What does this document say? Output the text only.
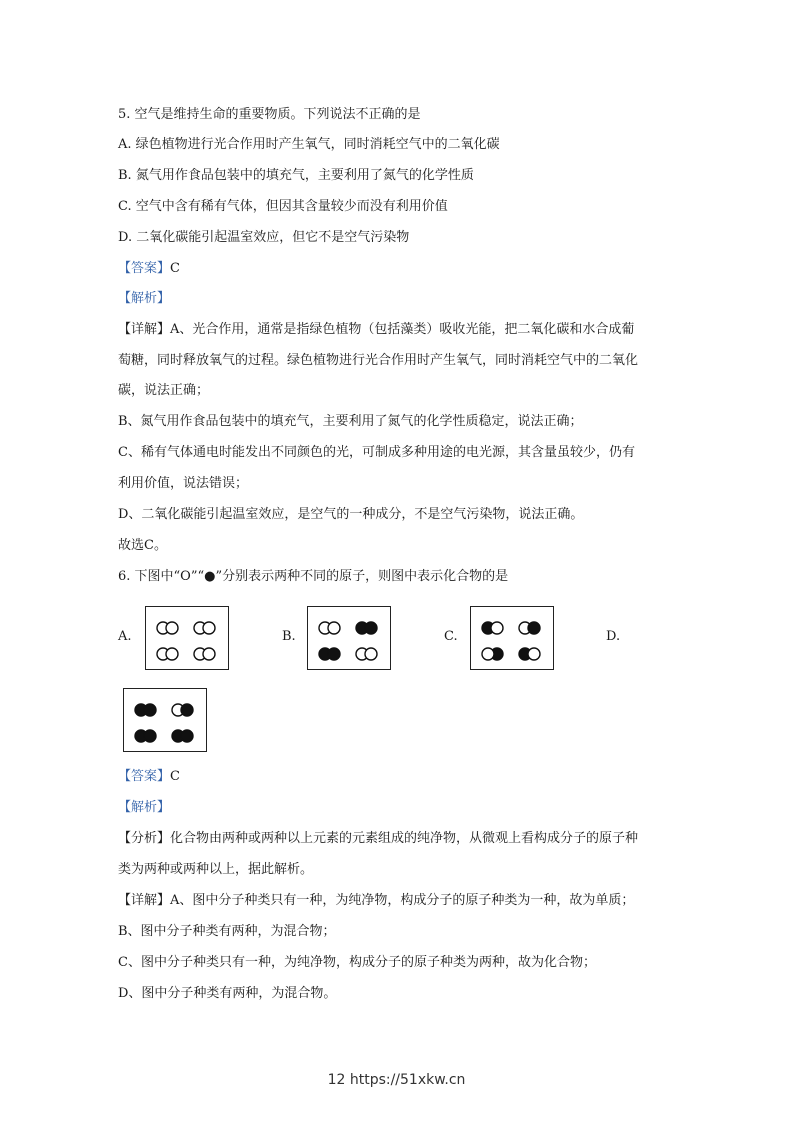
5. 空气是维持生命的重要物质。下列说法不正确的是
A. 绿色植物进行光合作用时产生氧气，同时消耗空气中的二氧化碳
B. 氮气用作食品包装中的填充气，主要利用了氮气的化学性质
C. 空气中含有稀有气体，但因其含量较少而没有利用价值
D. 二氧化碳能引起温室效应，但它不是空气污染物
【答案】C
【解析】
【详解】A、光合作用，通常是指绿色植物（包括藻类）吸收光能，把二氧化碳和水合成葡
萄糖，同时释放氧气的过程。绿色植物进行光合作用时产生氧气，同时消耗空气中的二氧化
碳，说法正确；
B、氮气用作食品包装中的填充气，主要利用了氮气的化学性质稳定，说法正确；
C、稀有气体通电时能发出不同颜色的光，可制成多种用途的电光源，其含量虽较少，仍有
利用价值，说法错误；
D、二氧化碳能引起温室效应，是空气的一种成分，不是空气污染物，说法正确。
故选C。
6. 下图中“O”“●”分别表示两种不同的原子，则图中表示化合物的是
A.	B.	C.	D.
【答案】C
【解析】
【分析】化合物由两种或两种以上元素的元素组成的纯净物，从微观上看构成分子的原子种
类为两种或两种以上，据此解析。
【详解】A、图中分子种类只有一种，为纯净物，构成分子的原子种类为一种，故为单质；
B、图中分子种类有两种，为混合物；
C、图中分子种类只有一种，为纯净物，构成分子的原子种类为两种，故为化合物；
D、图中分子种类有两种，为混合物。
12 https://51xkw.cn
